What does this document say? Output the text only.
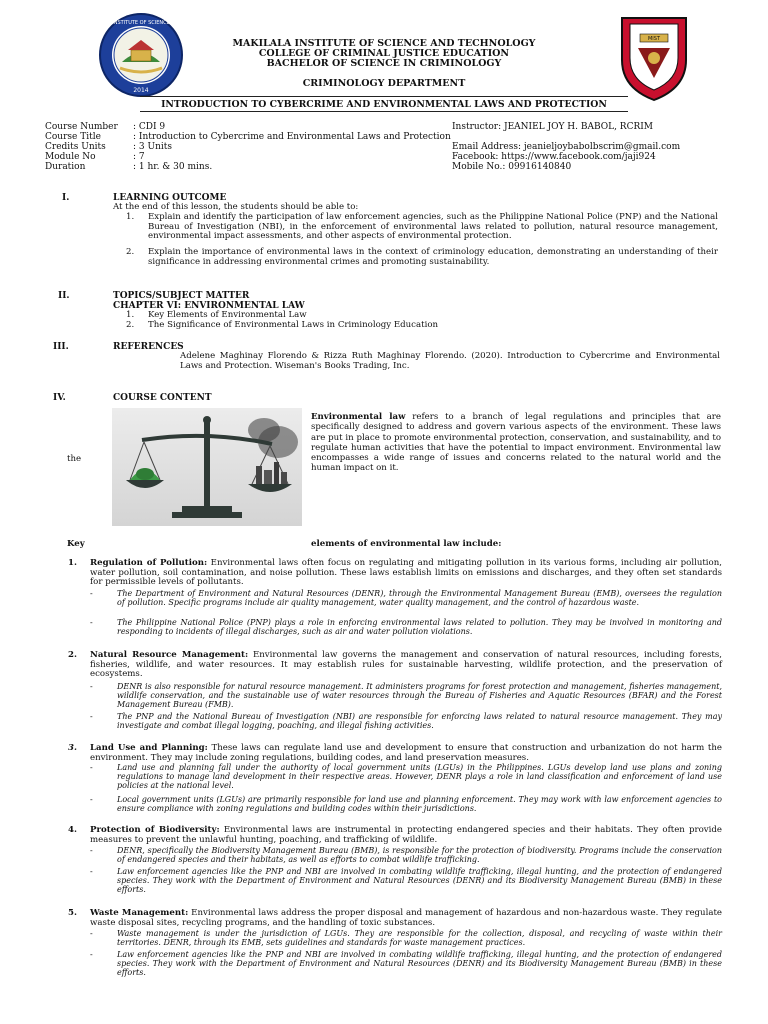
INSTITUTE OF SCIENCE
2014
MIST
MAKILALA INSTITUTE OF SCIENCE AND TECHNOLOGY
COLLEGE OF CRIMINAL JUSTICE EDUCATION
BACHELOR OF SCIENCE IN CRIMINOLOGY
CRIMINOLOGY DEPARTMENT
INTRODUCTION TO CYBERCRIME AND ENVIRONMENTAL LAWS AND PROTECTION
Course Number : CDI 9
Course Title	: Introduction to Cybercrime and Environmental Laws and Protection
Credits Units	: 3 Units
Module No	: 7
Duration	: 1 hr. & 30 mins.
Instructor: JEANIEL JOY H. BABOL, RCRIM
Email Address: jeanieljoybabolbscrim@gmail.com
Facebook: https://www.facebook.com/jaji924
Mobile No.: 09916140840
I.	LEARNING OUTCOME
At the end of this lesson, the students should be able to:
1. Explain and identify the participation of law enforcement agencies, such as the Philippine National Police (PNP) and the National Bureau of Investigation (NBI), in the enforcement of environmental laws related to pollution, natural resource management, environmental impact assessments, and other aspects of environmental protection.
2. Explain the importance of environmental laws in the context of criminology education, demonstrating an understanding of their significance in addressing environmental crimes and promoting sustainability.
II.	TOPICS/SUBJECT MATTER
CHAPTER VI: ENVIRONMENTAL LAW
1. Key Elements of Environmental Law
2. The Significance of Environmental Laws in Criminology Education
III.	REFERENCES
Adelene Maghinay Florendo & Rizza Ruth Maghinay Florendo. (2020). Introduction to Cybercrime and Environmental Laws and Protection. Wiseman's Books Trading, Inc.
IV.	COURSE CONTENT
the
Environmental law refers to a branch of legal regulations and principles that are specifically designed to address and govern various aspects of the environment. These laws are put in place to promote environmental protection, conservation, and sustainability, and to regulate human activities that have the potential to impact environment. Environmental law encompasses a wide range of issues and concerns related to the natural world and the human impact on it.
Key	elements of environmental law include:
1. Regulation of Pollution: Environmental laws often focus on regulating and mitigating pollution in its various forms, including air pollution, water pollution, soil contamination, and noise pollution. These laws establish limits on emissions and discharges, and they often set standards for permissible levels of pollutants.
-	The Department of Environment and Natural Resources (DENR), through the Environmental Management Bureau (EMB), oversees the regulation of pollution. Specific programs include air quality management, water quality management, and the control of hazardous waste.
-	The Philippine National Police (PNP) plays a role in enforcing environmental laws related to pollution. They may be involved in monitoring and responding to incidents of illegal discharges, such as air and water pollution violations.
2. Natural Resource Management: Environmental law governs the management and conservation of natural resources, including forests, fisheries, wildlife, and water resources. It may establish rules for sustainable harvesting, wildlife protection, and the preservation of ecosystems.
-	DENR is also responsible for natural resource management. It administers programs for forest protection and management, fisheries management, wildlife conservation, and the sustainable use of water resources through the Bureau of Fisheries and Aquatic Resources (BFAR) and the Forest Management Bureau (FMB).
-	The PNP and the National Bureau of Investigation (NBI) are responsible for enforcing laws related to natural resource management. They may investigate and combat illegal logging, poaching, and illegal fishing activities.
3. Land Use and Planning: These laws can regulate land use and development to ensure that construction and urbanization do not harm the environment. They may include zoning regulations, building codes, and land preservation measures.
-	Land use and planning fall under the authority of local government units (LGUs) in the Philippines. LGUs develop land use plans and zoning regulations to manage land development in their respective areas. However, DENR plays a role in land classification and enforcement of land use policies at the national level.
-	Local government units (LGUs) are primarily responsible for land use and planning enforcement. They may work with law enforcement agencies to ensure compliance with zoning regulations and building codes within their jurisdictions.
4. Protection of Biodiversity: Environmental laws are instrumental in protecting endangered species and their habitats. They often provide measures to prevent the unlawful hunting, poaching, and trafficking of wildlife.
-	DENR, specifically the Biodiversity Management Bureau (BMB), is responsible for the protection of biodiversity. Programs include the conservation of endangered species and their habitats, as well as efforts to combat wildlife trafficking.
-	Law enforcement agencies like the PNP and NBI are involved in combating wildlife trafficking, illegal hunting, and the protection of endangered species. They work with the Department of Environment and Natural Resources (DENR) and its Biodiversity Management Bureau (BMB) in these efforts.
5. Waste Management: Environmental laws address the proper disposal and management of hazardous and non-hazardous waste. They regulate waste disposal sites, recycling programs, and the handling of toxic substances.
-	Waste management is under the jurisdiction of LGUs. They are responsible for the collection, disposal, and recycling of waste within their territories. DENR, through its EMB, sets guidelines and standards for waste management practices.
-	Law enforcement agencies like the PNP and NBI are involved in combating wildlife trafficking, illegal hunting, and the protection of endangered species. They work with the Department of Environment and Natural Resources (DENR) and its Biodiversity Management Bureau (BMB) in these efforts.
